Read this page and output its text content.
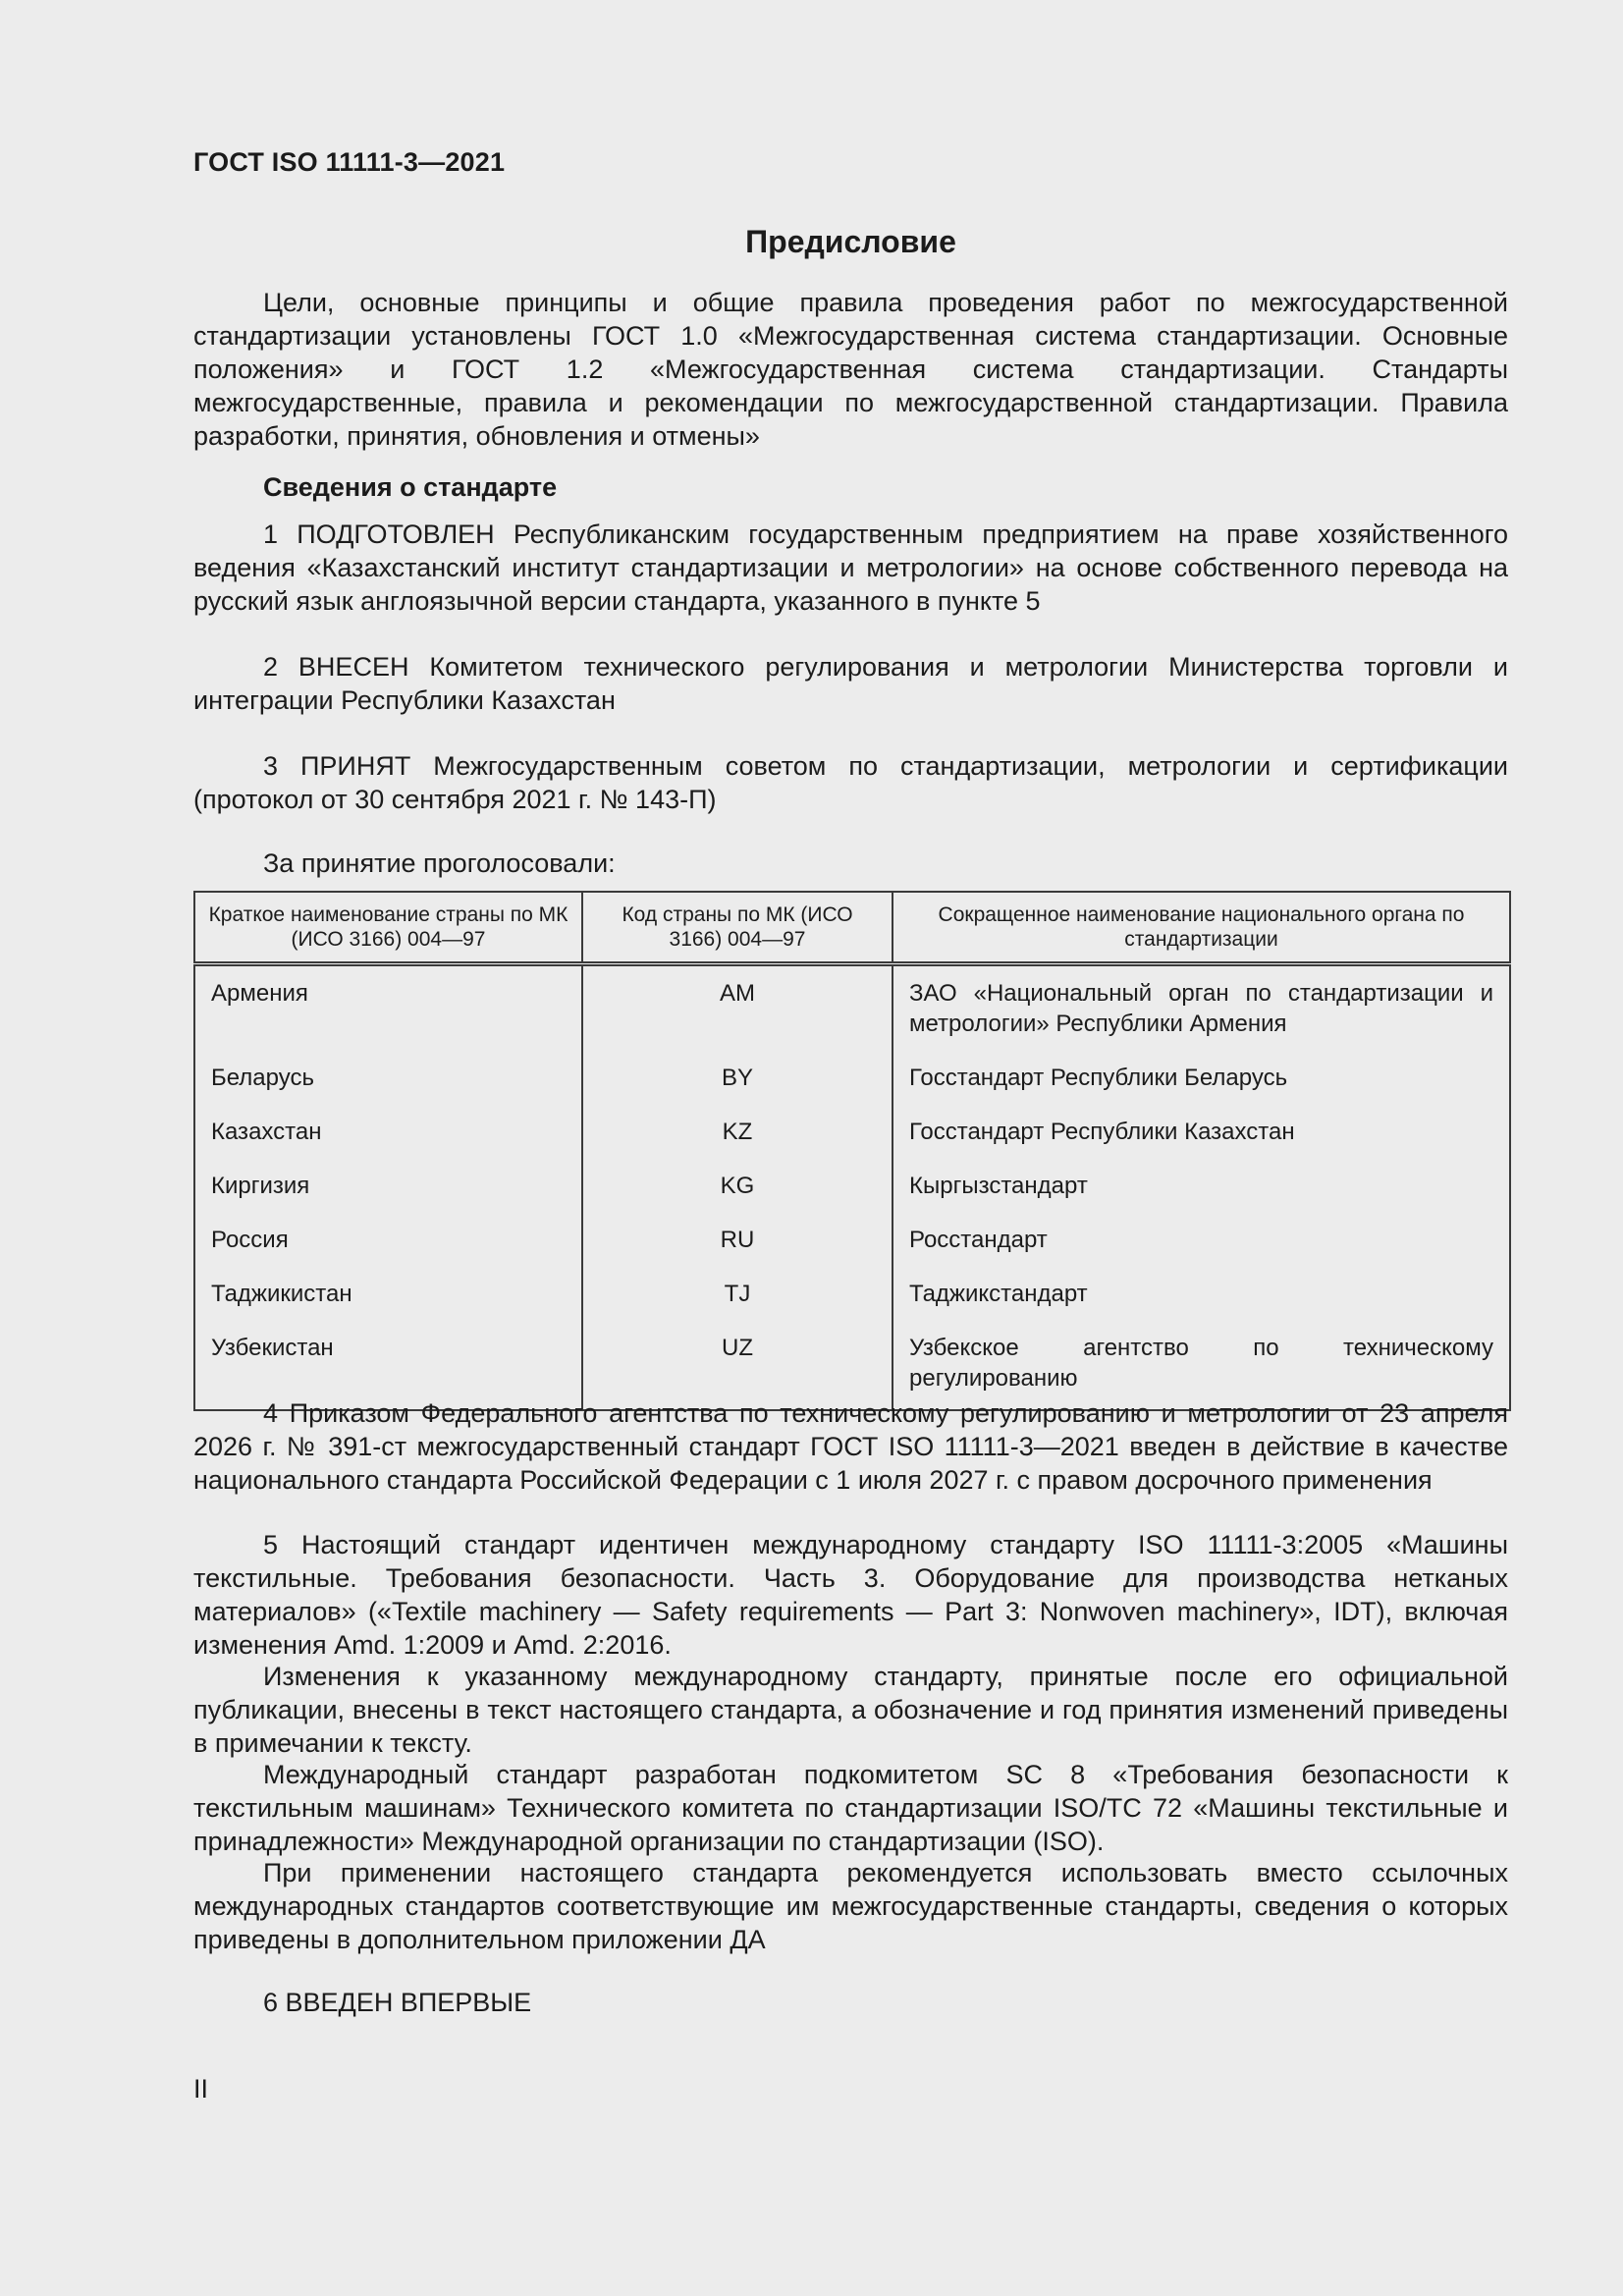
ГОСТ ISO 11111-3—2021
Предисловие
Цели, основные принципы и общие правила проведения работ по межгосударственной стандартизации установлены ГОСТ 1.0 «Межгосударственная система стандартизации. Основные положения» и ГОСТ 1.2 «Межгосударственная система стандартизации. Стандарты межгосударственные, правила и рекомендации по межгосударственной стандартизации. Правила разработки, принятия, обновления и отмены»
Сведения о стандарте
1 ПОДГОТОВЛЕН Республиканским государственным предприятием на праве хозяйственного ведения «Казахстанский институт стандартизации и метрологии» на основе собственного перевода на русский язык англоязычной версии стандарта, указанного в пункте 5
2 ВНЕСЕН Комитетом технического регулирования и метрологии Министерства торговли и интеграции Республики Казахстан
3 ПРИНЯТ Межгосударственным советом по стандартизации, метрологии и сертификации (протокол от 30 сентября 2021 г. № 143-П)
За принятие проголосовали:
Краткое наименование страны по МК (ИСО 3166) 004—97	Код страны по МК (ИСО 3166) 004—97	Сокращенное наименование национального органа по стандартизации
Армения	AM	ЗАО «Национальный орган по стандартизации и метрологии» Республики Армения
Беларусь	BY	Госстандарт Республики Беларусь
Казахстан	KZ	Госстандарт Республики Казахстан
Киргизия	KG	Кыргызстандарт
Россия	RU	Росстандарт
Таджикистан	TJ	Таджикстандарт
Узбекистан	UZ	Узбекское агентство по техническому регулированию
4 Приказом Федерального агентства по техническому регулированию и метрологии от 23 апреля 2026 г. № 391-ст межгосударственный стандарт ГОСТ ISO 11111-3—2021 введен в действие в качестве национального стандарта Российской Федерации с 1 июля 2027 г. с правом досрочного применения
5 Настоящий стандарт идентичен международному стандарту ISO 11111-3:2005 «Машины текстильные. Требования безопасности. Часть 3. Оборудование для производства нетканых материалов» («Textile machinery — Safety requirements — Part 3: Nonwoven machinery», IDT), включая изменения Amd. 1:2009 и Amd. 2:2016.
Изменения к указанному международному стандарту, принятые после его официальной публикации, внесены в текст настоящего стандарта, а обозначение и год принятия изменений приведены в примечании к тексту.
Международный стандарт разработан подкомитетом SC 8 «Требования безопасности к текстильным машинам» Технического комитета по стандартизации ISO/TC 72 «Машины текстильные и принадлежности» Международной организации по стандартизации (ISO).
При применении настоящего стандарта рекомендуется использовать вместо ссылочных международных стандартов соответствующие им межгосударственные стандарты, сведения о которых приведены в дополнительном приложении ДА
6 ВВЕДЕН ВПЕРВЫЕ
II
